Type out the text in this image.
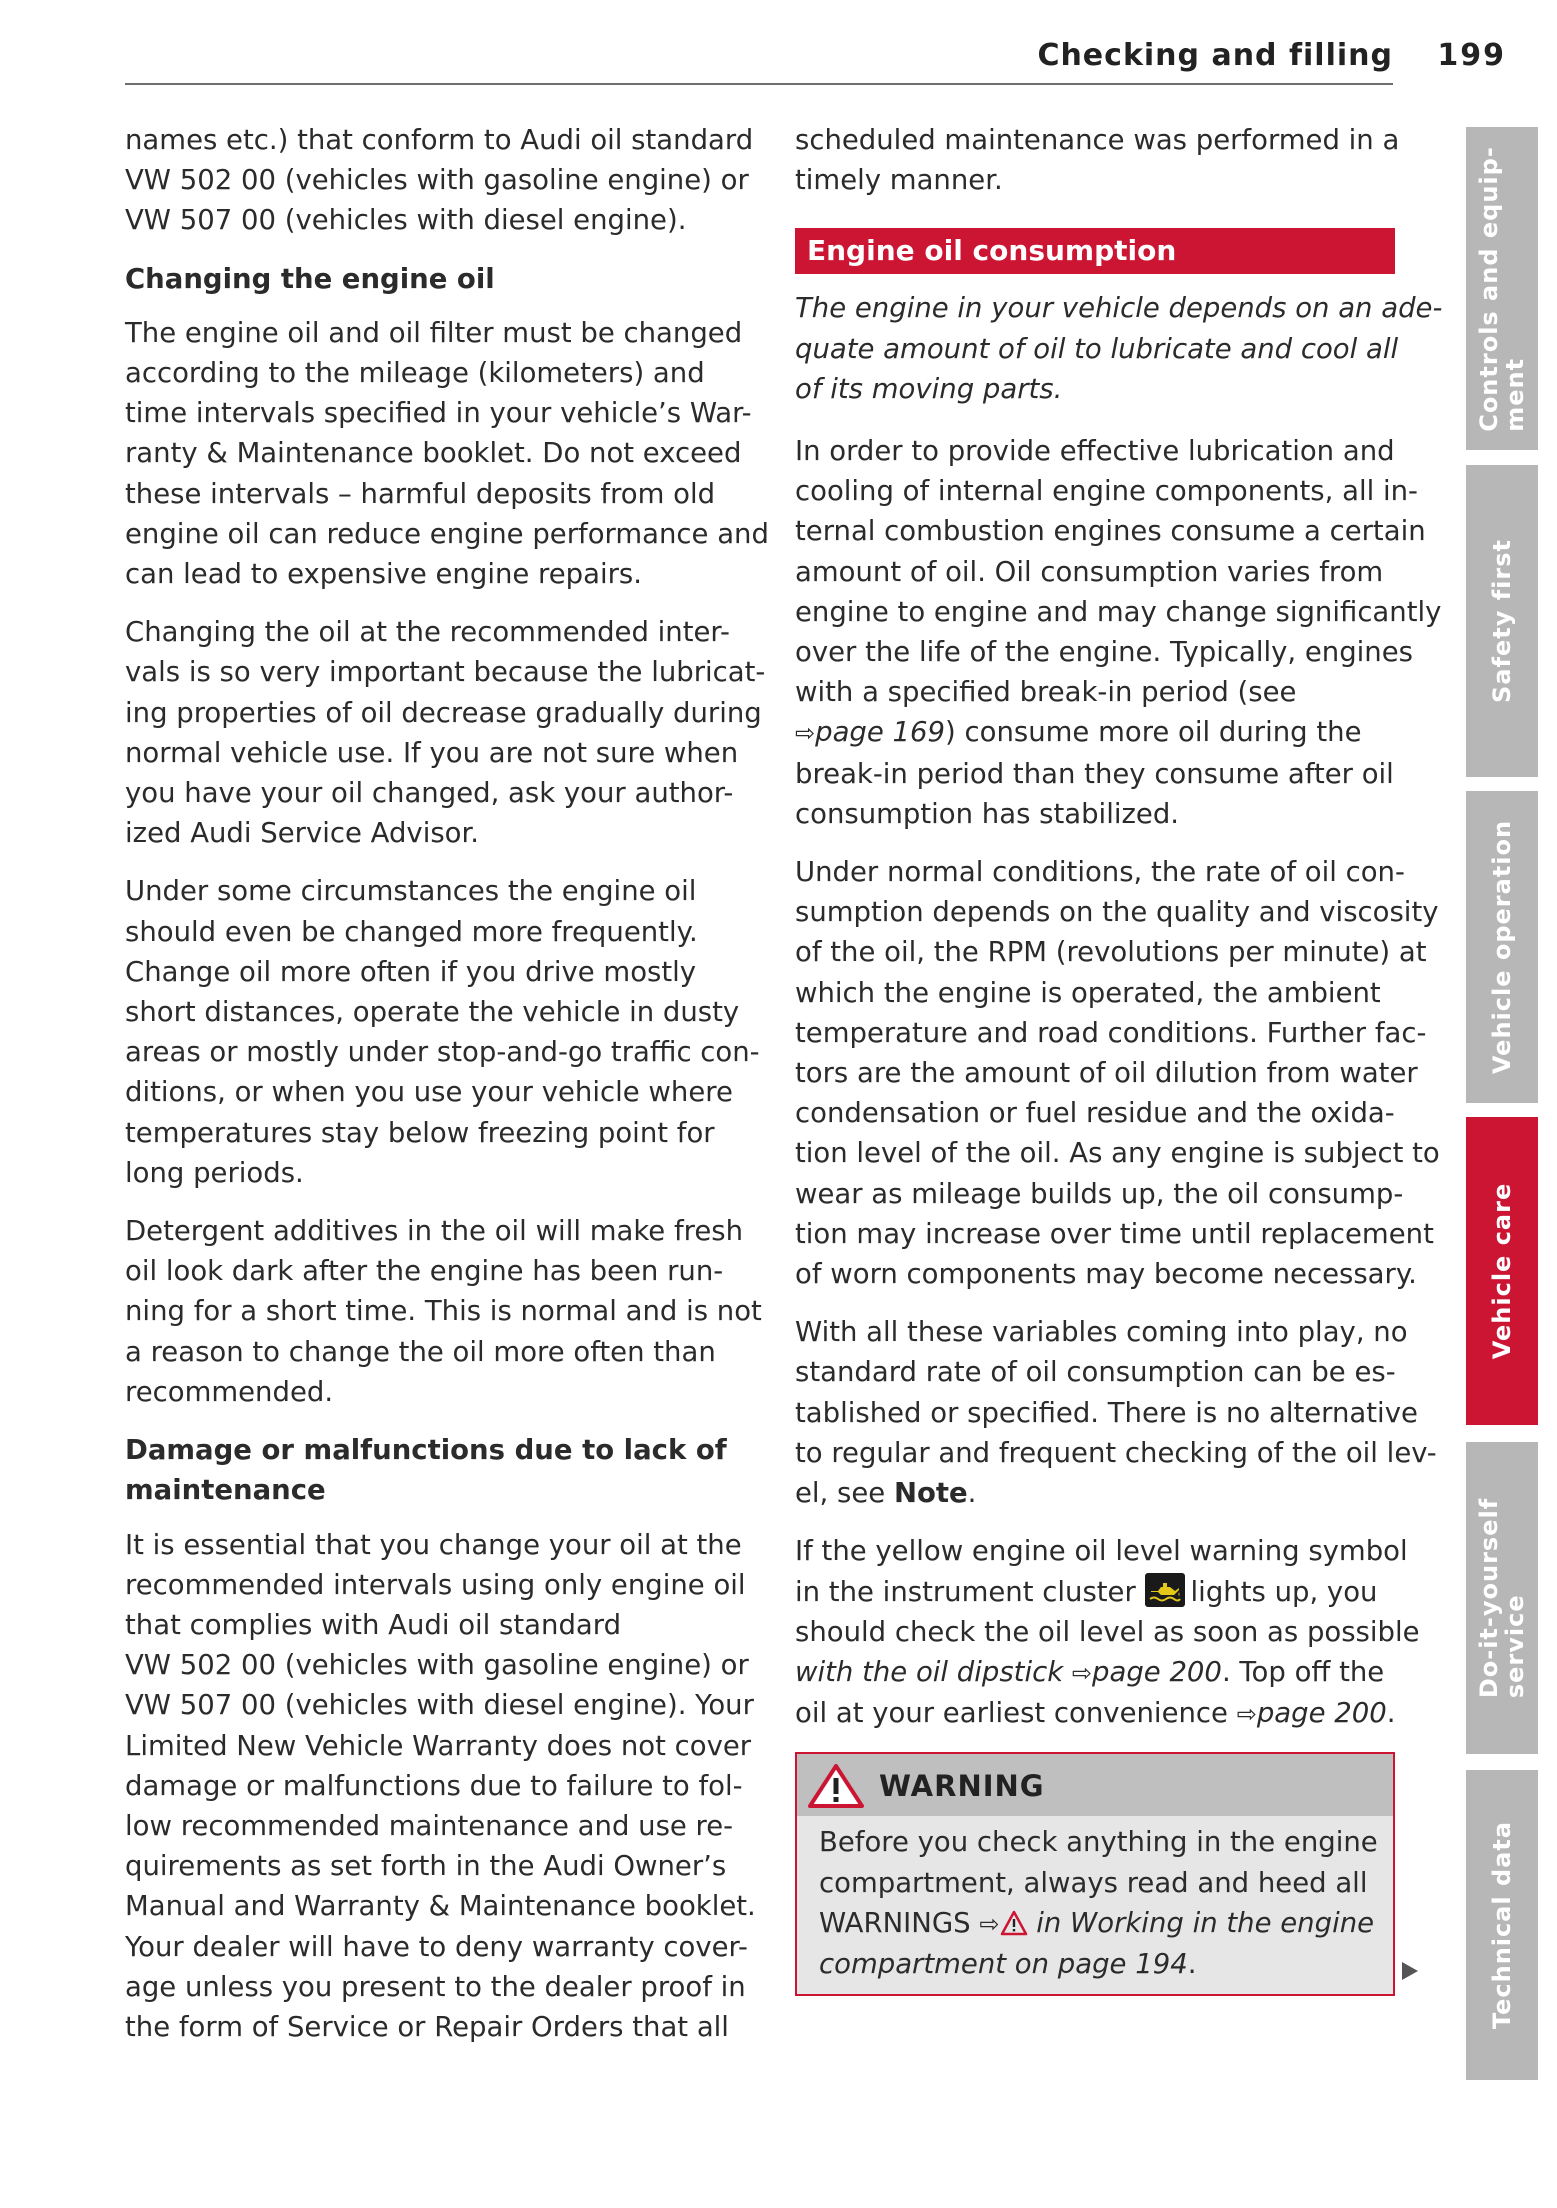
Checking and filling 199

names etc.) that conform to Audi oil standard
VW 502 00 (vehicles with gasoline engine) or
VW 507 00 (vehicles with diesel engine).

Changing the engine oil

The engine oil and oil filter must be changed
according to the mileage (kilometers) and
time intervals specified in your vehicle’s War-
ranty & Maintenance booklet. Do not exceed
these intervals – harmful deposits from old
engine oil can reduce engine performance and
can lead to expensive engine repairs.

Changing the oil at the recommended inter-
vals is so very important because the lubricat-
ing properties of oil decrease gradually during
normal vehicle use. If you are not sure when
you have your oil changed, ask your author-
ized Audi Service Advisor.

Under some circumstances the engine oil
should even be changed more frequently.
Change oil more often if you drive mostly
short distances, operate the vehicle in dusty
areas or mostly under stop-and-go traffic con-
ditions, or when you use your vehicle where
temperatures stay below freezing point for
long periods.

Detergent additives in the oil will make fresh
oil look dark after the engine has been run-
ning for a short time. This is normal and is not
a reason to change the oil more often than
recommended.

Damage or malfunctions due to lack of
maintenance

It is essential that you change your oil at the
recommended intervals using only engine oil
that complies with Audi oil standard
VW 502 00 (vehicles with gasoline engine) or
VW 507 00 (vehicles with diesel engine). Your
Limited New Vehicle Warranty does not cover
damage or malfunctions due to failure to fol-
low recommended maintenance and use re-
quirements as set forth in the Audi Owner’s
Manual and Warranty & Maintenance booklet.
Your dealer will have to deny warranty cover-
age unless you present to the dealer proof in
the form of Service or Repair Orders that all

scheduled maintenance was performed in a
timely manner.

Engine oil consumption

The engine in your vehicle depends on an ade-
quate amount of oil to lubricate and cool all
of its moving parts.

In order to provide effective lubrication and
cooling of internal engine components, all in-
ternal combustion engines consume a certain
amount of oil. Oil consumption varies from
engine to engine and may change significantly
over the life of the engine. Typically, engines
with a specified break-in period (see
⇨page 169) consume more oil during the
break-in period than they consume after oil
consumption has stabilized.

Under normal conditions, the rate of oil con-
sumption depends on the quality and viscosity
of the oil, the RPM (revolutions per minute) at
which the engine is operated, the ambient
temperature and road conditions. Further fac-
tors are the amount of oil dilution from water
condensation or fuel residue and the oxida-
tion level of the oil. As any engine is subject to
wear as mileage builds up, the oil consump-
tion may increase over time until replacement
of worn components may become necessary.

With all these variables coming into play, no
standard rate of oil consumption can be es-
tablished or specified. There is no alternative
to regular and frequent checking of the oil lev-
el, see Note.

If the yellow engine oil level warning symbol
in the instrument cluster lights up, you
should check the oil level as soon as possible
with the oil dipstick ⇨page 200. Top off the
oil at your earliest convenience ⇨page 200.

WARNING
Before you check anything in the engine
compartment, always read and heed all
WARNINGS ⇨ in Working in the engine
compartment on page 194.
Controls and equip-
ment
Safety first
Vehicle operation
Vehicle care
Do-it-yourself
service
Technical data
